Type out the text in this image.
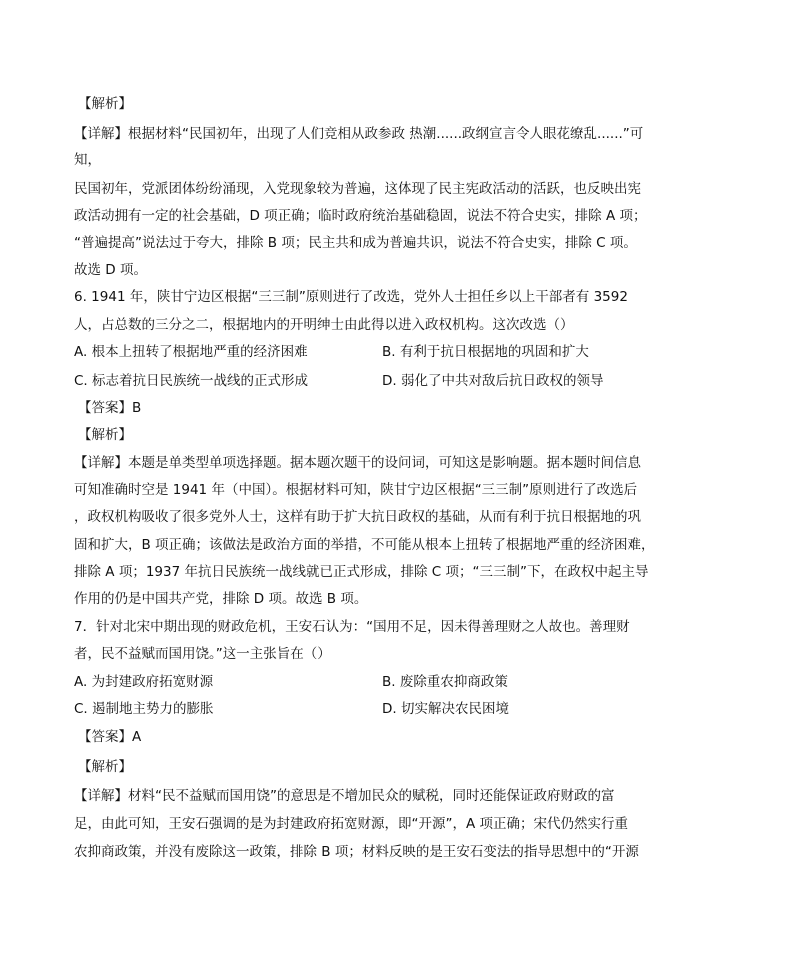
【解析】
【详解】根据材料“民国初年，出现了人们竞相从政参政 热潮......政纲宣言令人眼花缭乱......”可
知，
民国初年，党派团体纷纷涌现，入党现象较为普遍，这体现了民主宪政活动的活跃，也反映出宪
政活动拥有一定的社会基础，D 项正确；临时政府统治基础稳固，说法不符合史实，排除 A 项；
“普遍提高”说法过于夸大，排除 B 项；民主共和成为普遍共识，说法不符合史实，排除 C 项。
故选 D 项。
6. 1941 年，陕甘宁边区根据“三三制”原则进行了改选，党外人士担任乡以上干部者有 3592
人，占总数的三分之二，根据地内的开明绅士由此得以进入政权机构。这次改选（）
A. 根本上扭转了根据地严重的经济困难	B. 有利于抗日根据地的巩固和扩大
C. 标志着抗日民族统一战线的正式形成	D. 弱化了中共对敌后抗日政权的领导
【答案】B
【解析】
【详解】本题是单类型单项选择题。据本题次题干的设问词，可知这是影响题。据本题时间信息
可知准确时空是 1941 年（中国）。根据材料可知，陕甘宁边区根据“三三制”原则进行了改选后
，政权机构吸收了很多党外人士，这样有助于扩大抗日政权的基础，从而有利于抗日根据地的巩
固和扩大，B 项正确；该做法是政治方面的举措，不可能从根本上扭转了根据地严重的经济困难，
排除 A 项；1937 年抗日民族统一战线就已正式形成，排除 C 项；“三三制”下，在政权中起主导
作用的仍是中国共产党，排除 D 项。故选 B 项。
7．针对北宋中期出现的财政危机，王安石认为：“国用不足，因未得善理财之人故也。善理财
者，民不益赋而国用饶。”这一主张旨在（）
A. 为封建政府拓宽财源	B. 废除重农抑商政策
C. 遏制地主势力的膨胀	D. 切实解决农民困境
【答案】A
【解析】
【详解】材料“民不益赋而国用饶”的意思是不增加民众的赋税，同时还能保证政府财政的富
足，由此可知，王安石强调的是为封建政府拓宽财源，即“开源”，A 项正确；宋代仍然实行重
农抑商政策，并没有废除这一政策，排除 B 项；材料反映的是王安石变法的指导思想中的“开源
